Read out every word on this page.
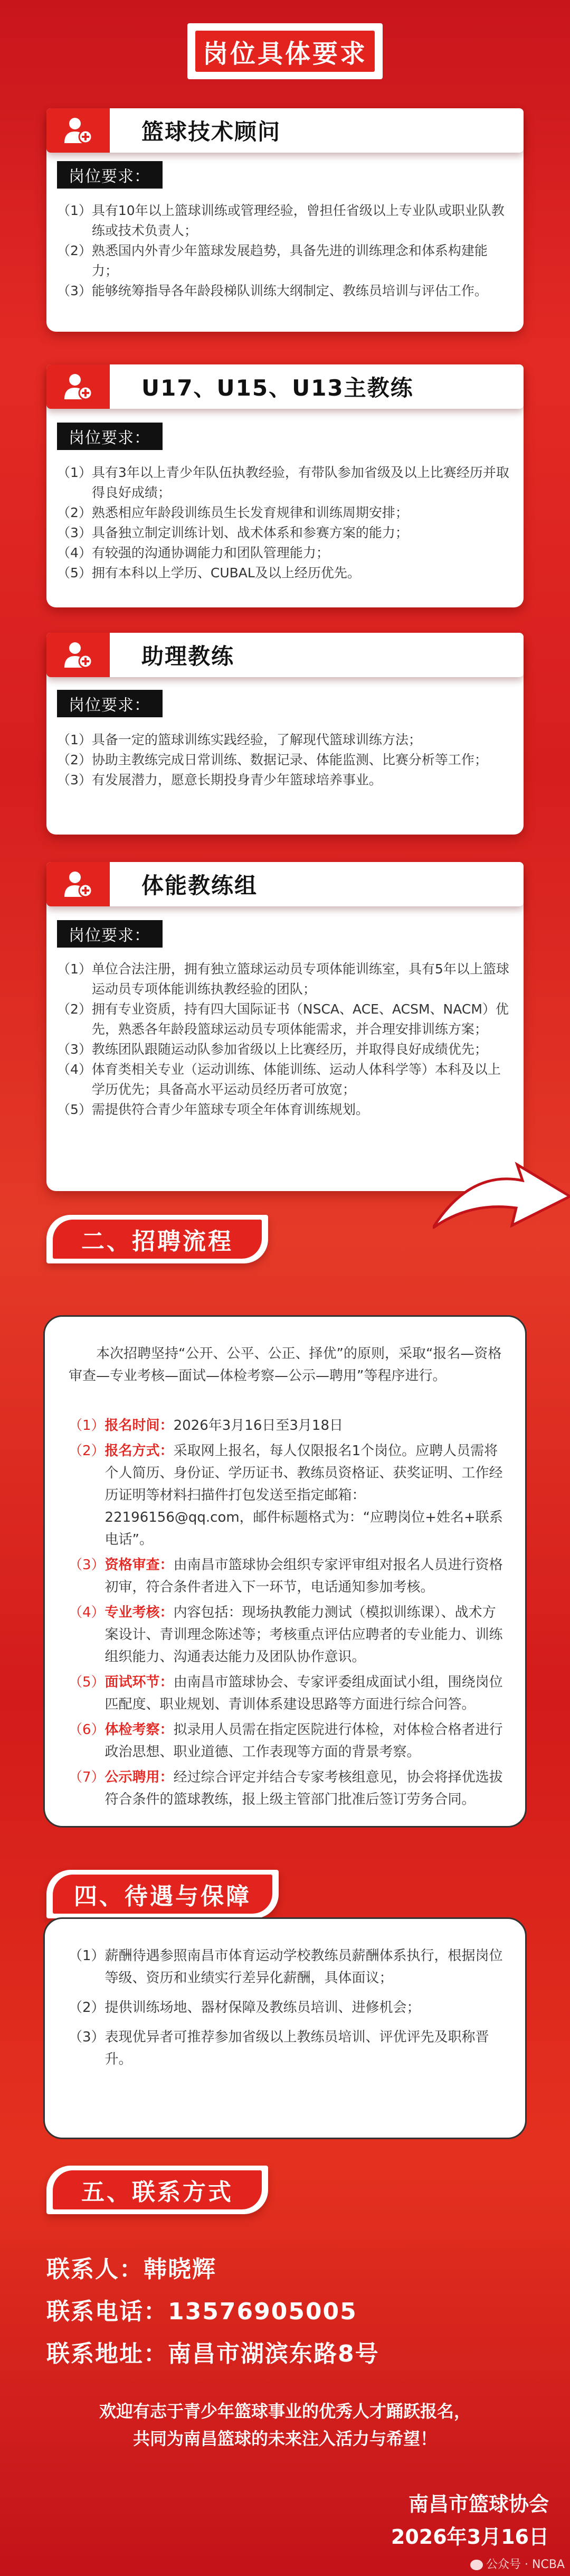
岗位具体要求
篮球技术顾问
岗位要求：
（1） 具有10年以上篮球训练或管理经验，曾担任省级以上专业队或职业队教练或技术负责人；
（2） 熟悉国内外青少年篮球发展趋势，具备先进的训练理念和体系构建能力；
（3） 能够统筹指导各年龄段梯队训练大纲制定、教练员培训与评估工作。
U17、U15、U13主教练
岗位要求：
（1） 具有3年以上青少年队伍执教经验，有带队参加省级及以上比赛经历并取得良好成绩；
（2） 熟悉相应年龄段训练员生长发育规律和训练周期安排；
（3） 具备独立制定训练计划、战术体系和参赛方案的能力；
（4） 有较强的沟通协调能力和团队管理能力；
（5） 拥有本科以上学历、CUBAL及以上经历优先。
助理教练
岗位要求：
（1） 具备一定的篮球训练实践经验，了解现代篮球训练方法；
（2） 协助主教练完成日常训练、数据记录、体能监测、比赛分析等工作；
（3） 有发展潜力，愿意长期投身青少年篮球培养事业。
体能教练组
岗位要求：
（1） 单位合法注册，拥有独立篮球运动员专项体能训练室，具有5年以上篮球运动员专项体能训练执教经验的团队；
（2） 拥有专业资质，持有四大国际证书（NSCA、ACE、ACSM、NACM）优先，熟悉各年龄段篮球运动员专项体能需求，并合理安排训练方案；
（3） 教练团队跟随运动队参加省级以上比赛经历，并取得良好成绩优先；
（4） 体育类相关专业（运动训练、体能训练、运动人体科学等）本科及以上学历优先；具备高水平运动员经历者可放宽；
（5） 需提供符合青少年篮球专项全年体育训练规划。
二、招聘流程
本次招聘坚持“公开、公平、公正、择优”的原则，采取“报名—资格审查—专业考核—面试—体检考察—公示—聘用”等程序进行。
（1） 报名时间：2026年3月16日至3月18日
（2） 报名方式：采取网上报名，每人仅限报名1个岗位。应聘人员需将个人简历、身份证、学历证书、教练员资格证、获奖证明、工作经历证明等材料扫描件打包发送至指定邮箱：22196156@qq.com，邮件标题格式为：“应聘岗位+姓名+联系电话”。
（3） 资格审查：由南昌市篮球协会组织专家评审组对报名人员进行资格初审，符合条件者进入下一环节，电话通知参加考核。
（4） 专业考核：内容包括：现场执教能力测试（模拟训练课）、战术方案设计、青训理念陈述等；考核重点评估应聘者的专业能力、训练组织能力、沟通表达能力及团队协作意识。
（5） 面试环节：由南昌市篮球协会、专家评委组成面试小组，围绕岗位匹配度、职业规划、青训体系建设思路等方面进行综合问答。
（6） 体检考察：拟录用人员需在指定医院进行体检，对体检合格者进行政治思想、职业道德、工作表现等方面的背景考察。
（7） 公示聘用：经过综合评定并结合专家考核组意见，协会将择优选拔符合条件的篮球教练，报上级主管部门批准后签订劳务合同。
四、待遇与保障
（1） 薪酬待遇参照南昌市体育运动学校教练员薪酬体系执行，根据岗位等级、资历和业绩实行差异化薪酬，具体面议；
（2） 提供训练场地、器材保障及教练员培训、进修机会；
（3） 表现优异者可推荐参加省级以上教练员培训、评优评先及职称晋升。
五、联系方式
联系人：韩晓辉
联系电话：13576905005
联系地址：南昌市湖滨东路8号
欢迎有志于青少年篮球事业的优秀人才踊跃报名，
共同为南昌篮球的未来注入活力与希望！
南昌市篮球协会
2026年3月16日
公众号 · NCBA
